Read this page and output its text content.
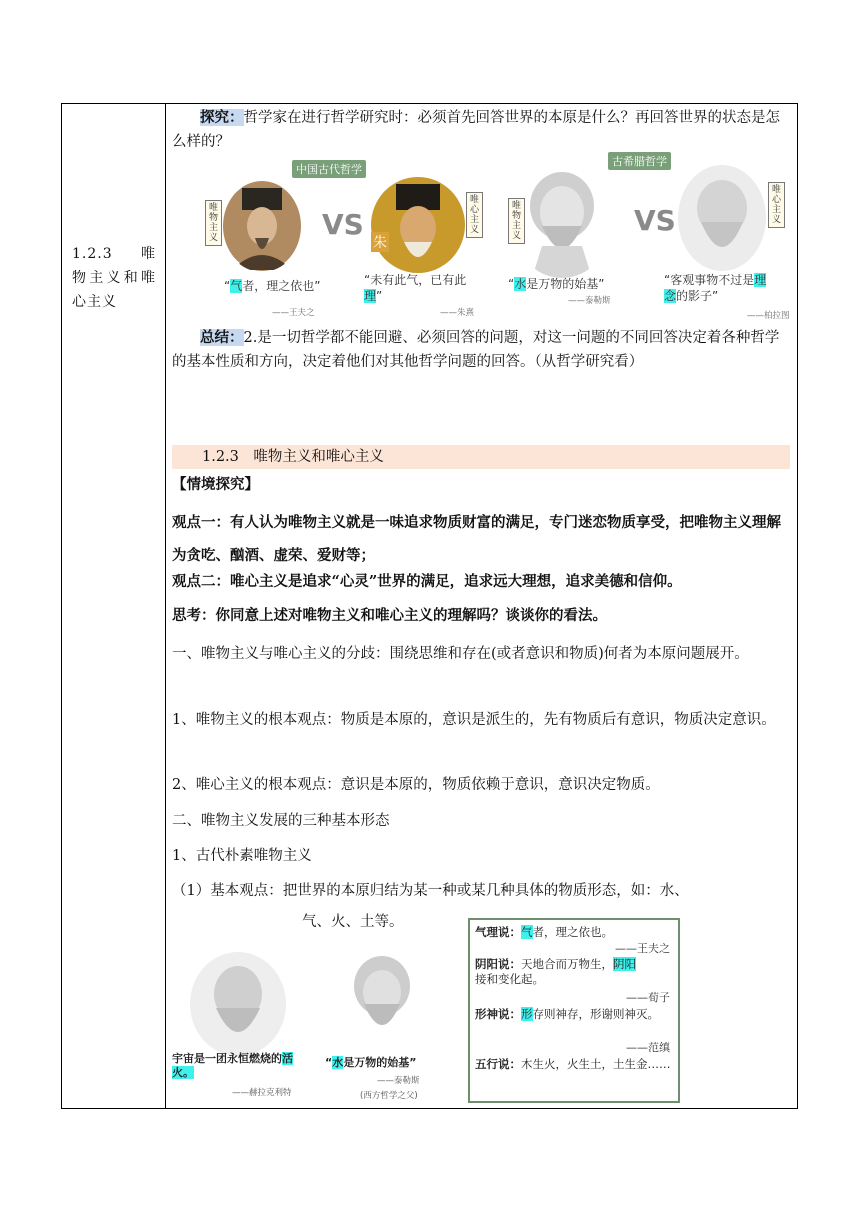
1.2.3　唯物主义和唯心主义
探究：哲学家在进行哲学研究时：必须首先回答世界的本原是什么？再回答世界的状态是怎么样的？
中国古代哲学
古希腊哲学
唯物主义	VS
朱
唯心主义
唯物主义	VS
唯心主义
“气者，理之依也”
——王夫之
“未有此气，已有此理”
——朱熹
“水是万物的始基”
——泰勒斯
“客观事物不过是理念的影子”
——柏拉图
总结：2.是一切哲学都不能回避、必须回答的问题，对这一问题的不同回答决定着各种哲学的基本性质和方向，决定着他们对其他哲学问题的回答。（从哲学研究看）
1.2.3　唯物主义和唯心主义
【情境探究】
观点一：有人认为唯物主义就是一味追求物质财富的满足，专门迷恋物质享受，把唯物主义理解为贪吃、酗酒、虚荣、爱财等；
观点二：唯心主义是追求“心灵”世界的满足，追求远大理想，追求美德和信仰。
思考：你同意上述对唯物主义和唯心主义的理解吗？谈谈你的看法。
一、唯物主义与唯心主义的分歧：围绕思维和存在(或者意识和物质)何者为本原问题展开。
1、唯物主义的根本观点：物质是本原的，意识是派生的，先有物质后有意识，物质决定意识。
2、唯心主义的根本观点：意识是本原的，物质依赖于意识，意识决定物质。
二、唯物主义发展的三种基本形态
1、古代朴素唯物主义
（1）基本观点：把世界的本原归结为某一种或某几种具体的物质形态，如：水、
气、火、土等。
宇宙是一团永恒燃烧的活火。
——赫拉克利特
“水是万物的始基”
——泰勒斯
(西方哲学之父)
气理说：气者，理之依也。
——王夫之
阴阳说：天地合而万物生，阴阳
接和变化起。
——荀子
形神说：形存则神存，形谢则神灭。
——范缜
五行说：木生火，火生土，土生金……
